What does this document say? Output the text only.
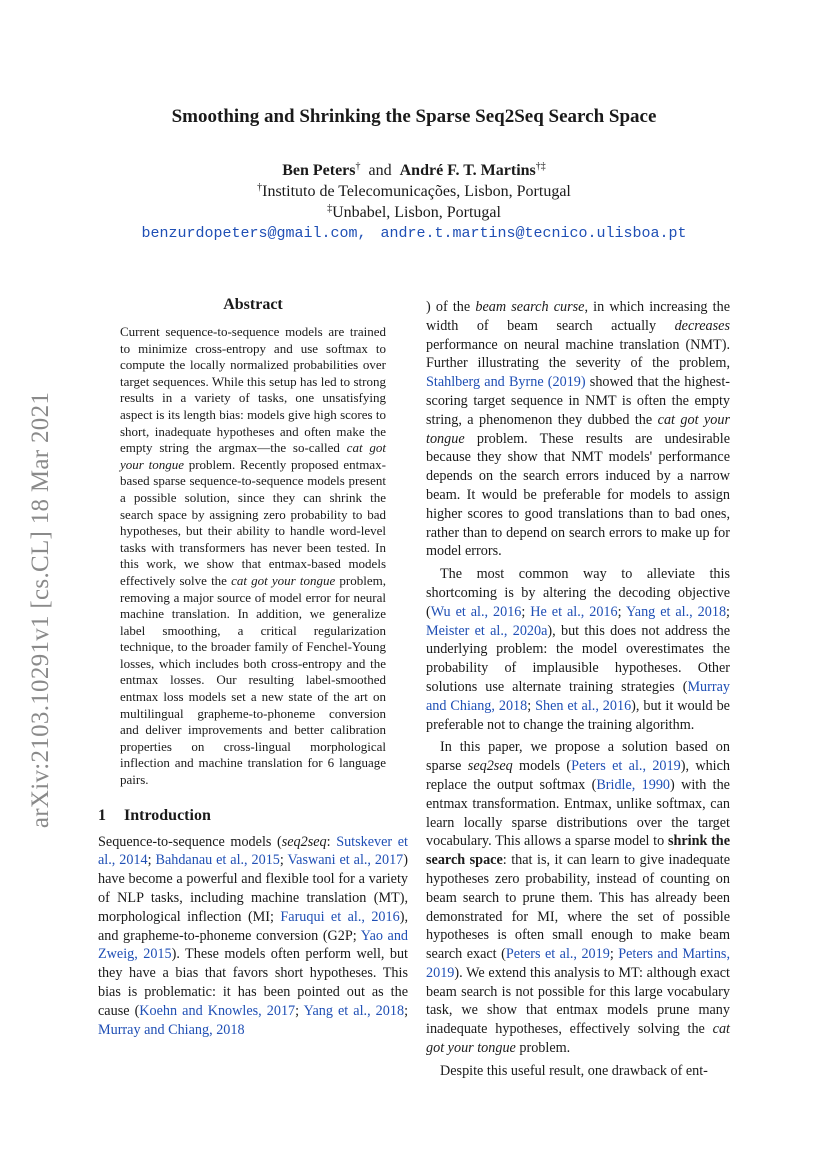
arXiv:2103.10291v1 [cs.CL] 18 Mar 2021
Smoothing and Shrinking the Sparse Seq2Seq Search Space
Ben Peters† and André F. T. Martins†‡
†Instituto de Telecomunicações, Lisbon, Portugal
‡Unbabel, Lisbon, Portugal
benzurdopeters@gmail.com, andre.t.martins@tecnico.ulisboa.pt
Abstract

Current sequence-to-sequence models are trained to minimize cross-entropy and use softmax to compute the locally normalized probabilities over target sequences. While this setup has led to strong results in a variety of tasks, one unsatisfying aspect is its length bias: models give high scores to short, inadequate hypotheses and often make the empty string the argmax—the so-called cat got your tongue problem. Recently proposed entmax-based sparse sequence-to-sequence models present a possible solution, since they can shrink the search space by assigning zero probability to bad hypotheses, but their ability to handle word-level tasks with transformers has never been tested. In this work, we show that entmax-based models effectively solve the cat got your tongue problem, removing a major source of model error for neural machine translation. In addition, we generalize label smoothing, a critical regularization technique, to the broader family of Fenchel-Young losses, which includes both cross-entropy and the entmax losses. Our resulting label-smoothed entmax loss models set a new state of the art on multilingual grapheme-to-phoneme conversion and deliver improvements and better calibration properties on cross-lingual morphological inflection and machine translation for 6 language pairs.

1 Introduction

Sequence-to-sequence models (seq2seq: Sutskever et al., 2014; Bahdanau et al., 2015; Vaswani et al., 2017) have become a powerful and flexible tool for a variety of NLP tasks, including machine translation (MT), morphological inflection (MI; Faruqui et al., 2016), and grapheme-to-phoneme conversion (G2P; Yao and Zweig, 2015). These models often perform well, but they have a bias that favors short hypotheses. This bias is problematic: it has been pointed out as the cause (Koehn and Knowles, 2017; Yang et al., 2018; Murray and Chiang, 2018

) of the beam search curse, in which increasing the width of beam search actually decreases performance on neural machine translation (NMT). Further illustrating the severity of the problem, Stahlberg and Byrne (2019) showed that the highest-scoring target sequence in NMT is often the empty string, a phenomenon they dubbed the cat got your tongue problem. These results are undesirable because they show that NMT models' performance depends on the search errors induced by a narrow beam. It would be preferable for models to assign higher scores to good translations than to bad ones, rather than to depend on search errors to make up for model errors.

The most common way to alleviate this shortcoming is by altering the decoding objective (Wu et al., 2016; He et al., 2016; Yang et al., 2018; Meister et al., 2020a), but this does not address the underlying problem: the model overestimates the probability of implausible hypotheses. Other solutions use alternate training strategies (Murray and Chiang, 2018; Shen et al., 2016), but it would be preferable not to change the training algorithm.

In this paper, we propose a solution based on sparse seq2seq models (Peters et al., 2019), which replace the output softmax (Bridle, 1990) with the entmax transformation. Entmax, unlike softmax, can learn locally sparse distributions over the target vocabulary. This allows a sparse model to shrink the search space: that is, it can learn to give inadequate hypotheses zero probability, instead of counting on beam search to prune them. This has already been demonstrated for MI, where the set of possible hypotheses is often small enough to make beam search exact (Peters et al., 2019; Peters and Martins, 2019). We extend this analysis to MT: although exact beam search is not possible for this large vocabulary task, we show that entmax models prune many inadequate hypotheses, effectively solving the cat got your tongue problem.

Despite this useful result, one drawback of ent-
